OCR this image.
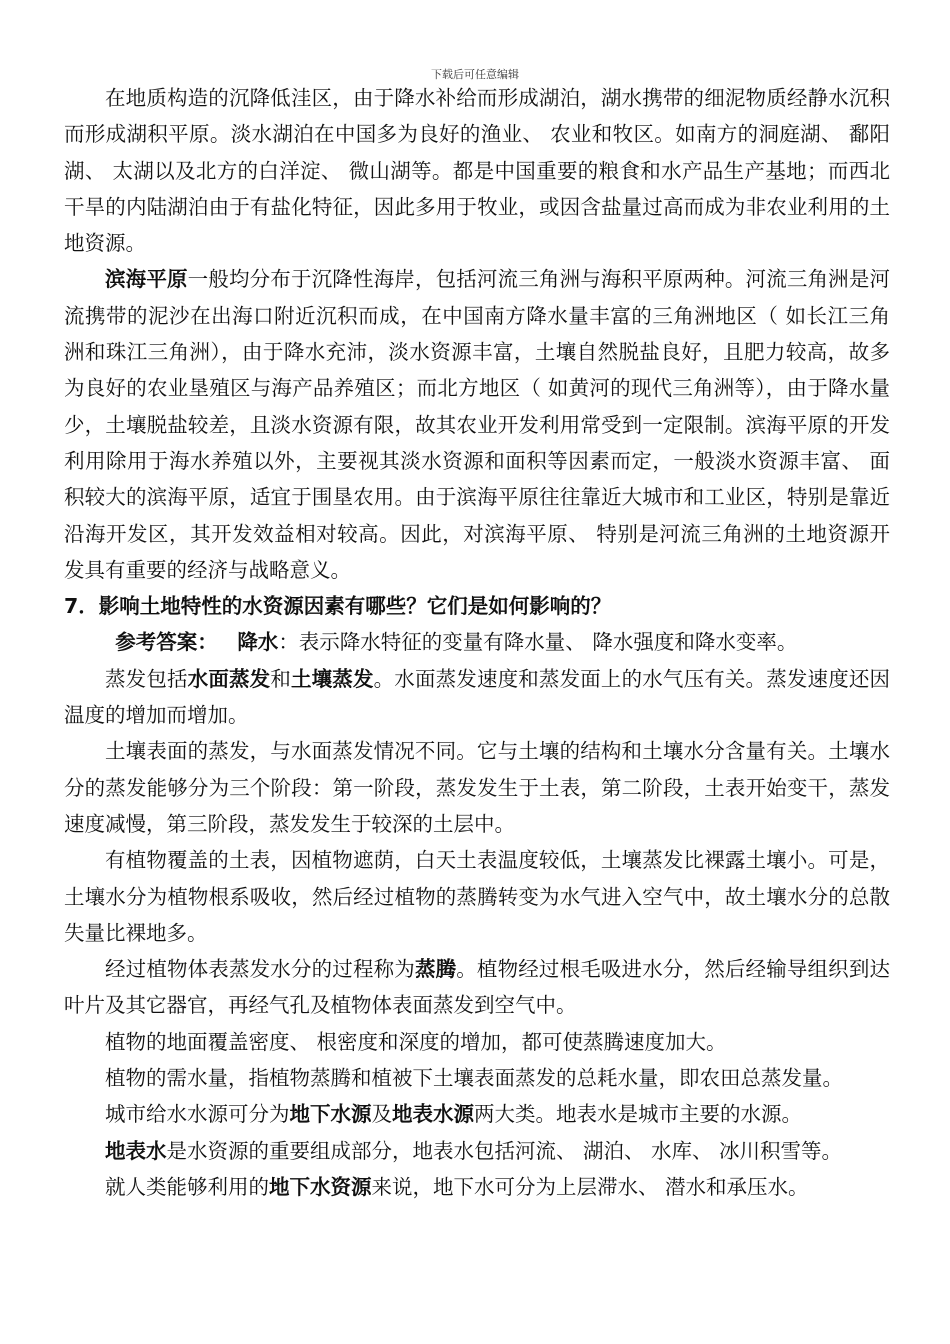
下载后可任意编辑

在地质构造的沉降低洼区，由于降水补给而形成湖泊，湖水携带的细泥物质经静水沉积而形成湖积平原。淡水湖泊在中国多为良好的渔业、 农业和牧区。如南方的洞庭湖、 鄱阳湖、 太湖以及北方的白洋淀、 微山湖等。都是中国重要的粮食和水产品生产基地；而西北干旱的内陆湖泊由于有盐化特征，因此多用于牧业，或因含盐量过高而成为非农业利用的土地资源。

滨海平原一般均分布于沉降性海岸，包括河流三角洲与海积平原两种。河流三角洲是河流携带的泥沙在出海口附近沉积而成，在中国南方降水量丰富的三角洲地区（ 如长江三角洲和珠江三角洲），由于降水充沛，淡水资源丰富，土壤自然脱盐良好，且肥力较高，故多为良好的农业垦殖区与海产品养殖区；而北方地区（ 如黄河的现代三角洲等），由于降水量少，土壤脱盐较差，且淡水资源有限，故其农业开发利用常受到一定限制。滨海平原的开发利用除用于海水养殖以外，主要视其淡水资源和面积等因素而定，一般淡水资源丰富、 面积较大的滨海平原，适宜于围垦农用。由于滨海平原往往靠近大城市和工业区，特别是靠近沿海开发区，其开发效益相对较高。因此，对滨海平原、 特别是河流三角洲的土地资源开发具有重要的经济与战略意义。

7．影响土地特性的水资源因素有哪些？它们是如何影响的？

参考答案： 降水：表示降水特征的变量有降水量、 降水强度和降水变率。

蒸发包括水面蒸发和土壤蒸发。水面蒸发速度和蒸发面上的水气压有关。蒸发速度还因温度的增加而增加。

土壤表面的蒸发，与水面蒸发情况不同。它与土壤的结构和土壤水分含量有关。土壤水分的蒸发能够分为三个阶段：第一阶段，蒸发发生于土表，第二阶段，土表开始变干，蒸发速度减慢，第三阶段，蒸发发生于较深的土层中。

有植物覆盖的土表，因植物遮荫，白天土表温度较低，土壤蒸发比裸露土壤小。可是，土壤水分为植物根系吸收，然后经过植物的蒸腾转变为水气进入空气中，故土壤水分的总散失量比裸地多。

经过植物体表蒸发水分的过程称为蒸腾。植物经过根毛吸进水分，然后经输导组织到达叶片及其它器官，再经气孔及植物体表面蒸发到空气中。

植物的地面覆盖密度、 根密度和深度的增加，都可使蒸腾速度加大。

植物的需水量，指植物蒸腾和植被下土壤表面蒸发的总耗水量，即农田总蒸发量。

城市给水水源可分为地下水源及地表水源两大类。地表水是城市主要的水源。

地表水是水资源的重要组成部分，地表水包括河流、 湖泊、 水库、 冰川积雪等。

就人类能够利用的地下水资源来说，地下水可分为上层滞水、 潜水和承压水。
